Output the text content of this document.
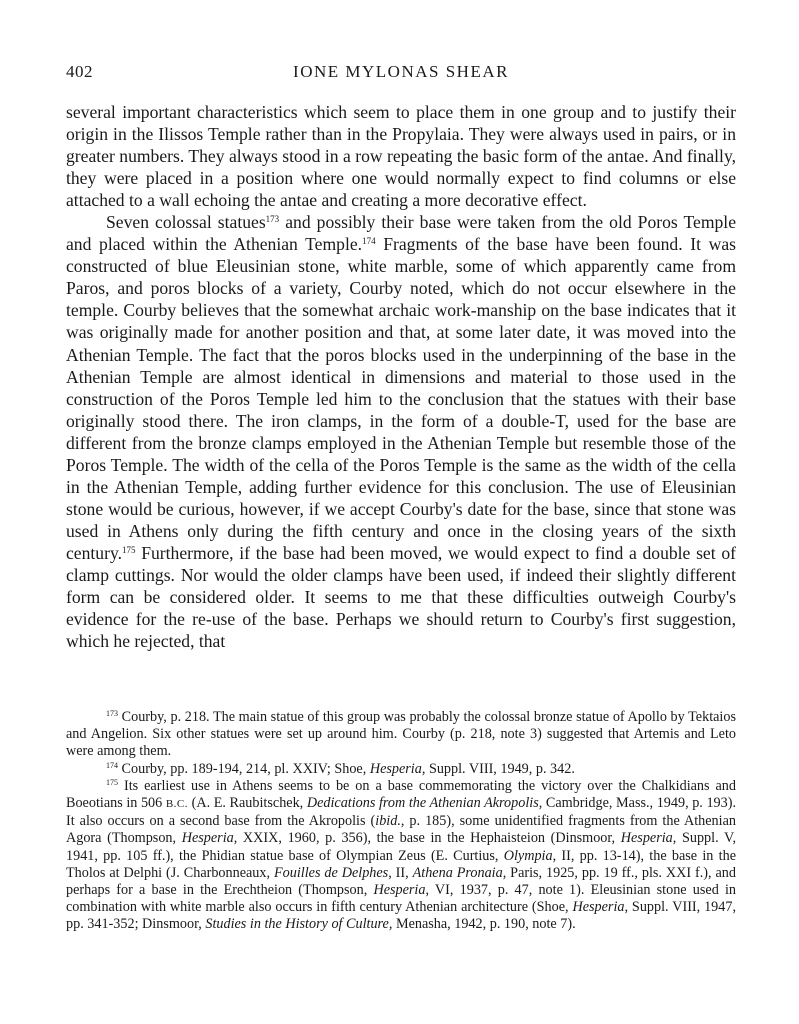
402	IONE MYLONAS SHEAR

several important characteristics which seem to place them in one group and to justify their origin in the Ilissos Temple rather than in the Propylaia. They were always used in pairs, or in greater numbers. They always stood in a row repeating the basic form of the antae. And finally, they were placed in a position where one would normally expect to find columns or else attached to a wall echoing the antae and creating a more decorative effect.

Seven colossal statues$^{173}$ and possibly their base were taken from the old Poros Temple and placed within the Athenian Temple.$^{174}$ Fragments of the base have been found. It was constructed of blue Eleusinian stone, white marble, some of which apparently came from Paros, and poros blocks of a variety, Courby noted, which do not occur elsewhere in the temple. Courby believes that the somewhat archaic work-manship on the base indicates that it was originally made for another position and that, at some later date, it was moved into the Athenian Temple. The fact that the poros blocks used in the underpinning of the base in the Athenian Temple are almost identical in dimensions and material to those used in the construction of the Poros Temple led him to the conclusion that the statues with their base originally stood there. The iron clamps, in the form of a double-T, used for the base are different from the bronze clamps employed in the Athenian Temple but resemble those of the Poros Temple. The width of the cella of the Poros Temple is the same as the width of the cella in the Athenian Temple, adding further evidence for this conclusion. The use of Eleusinian stone would be curious, however, if we accept Courby's date for the base, since that stone was used in Athens only during the fifth century and once in the closing years of the sixth century.$^{175}$ Furthermore, if the base had been moved, we would expect to find a double set of clamp cuttings. Nor would the older clamps have been used, if indeed their slightly different form can be considered older. It seems to me that these difficulties outweigh Courby's evidence for the re-use of the base. Perhaps we should return to Courby's first suggestion, which he rejected, that

$^{173}$ Courby, p. 218. The main statue of this group was probably the colossal bronze statue of Apollo by Tektaios and Angelion. Six other statues were set up around him. Courby (p. 218, note 3) suggested that Artemis and Leto were among them.

$^{174}$ Courby, pp. 189-194, 214, pl. XXIV; Shoe, Hesperia, Suppl. VIII, 1949, p. 342.

$^{175}$ Its earliest use in Athens seems to be on a base commemorating the victory over the Chalkidians and Boeotians in 506 B.C. (A. E. Raubitschek, Dedications from the Athenian Akropolis, Cambridge, Mass., 1949, p. 193). It also occurs on a second base from the Akropolis (ibid., p. 185), some unidentified fragments from the Athenian Agora (Thompson, Hesperia, XXIX, 1960, p. 356), the base in the Hephaisteion (Dinsmoor, Hesperia, Suppl. V, 1941, pp. 105 ff.), the Phidian statue base of Olympian Zeus (E. Curtius, Olympia, II, pp. 13-14), the base in the Tholos at Delphi (J. Charbonneaux, Fouilles de Delphes, II, Athena Pronaia, Paris, 1925, pp. 19 ff., pls. XXI f.), and perhaps for a base in the Erechtheion (Thompson, Hesperia, VI, 1937, p. 47, note 1). Eleusinian stone used in combination with white marble also occurs in fifth century Athenian architecture (Shoe, Hesperia, Suppl. VIII, 1947, pp. 341-352; Dinsmoor, Studies in the History of Culture, Menasha, 1942, p. 190, note 7).
